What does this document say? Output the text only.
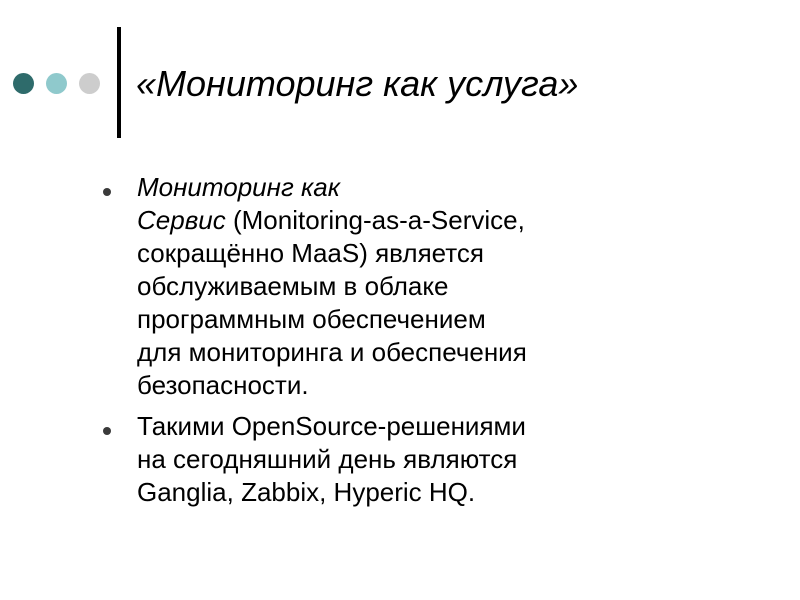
«Мониторинг как услуга»
Мониторинг как
Сервис (Monitoring-as-a-Service,
сокращённо MaaS) является
обслуживаемым в облаке
программным обеспечением
для мониторинга и обеспечения
безопасности.
Такими OpenSource-решениями
на сегодняшний день являются
Ganglia, Zabbix, Hyperic HQ.
